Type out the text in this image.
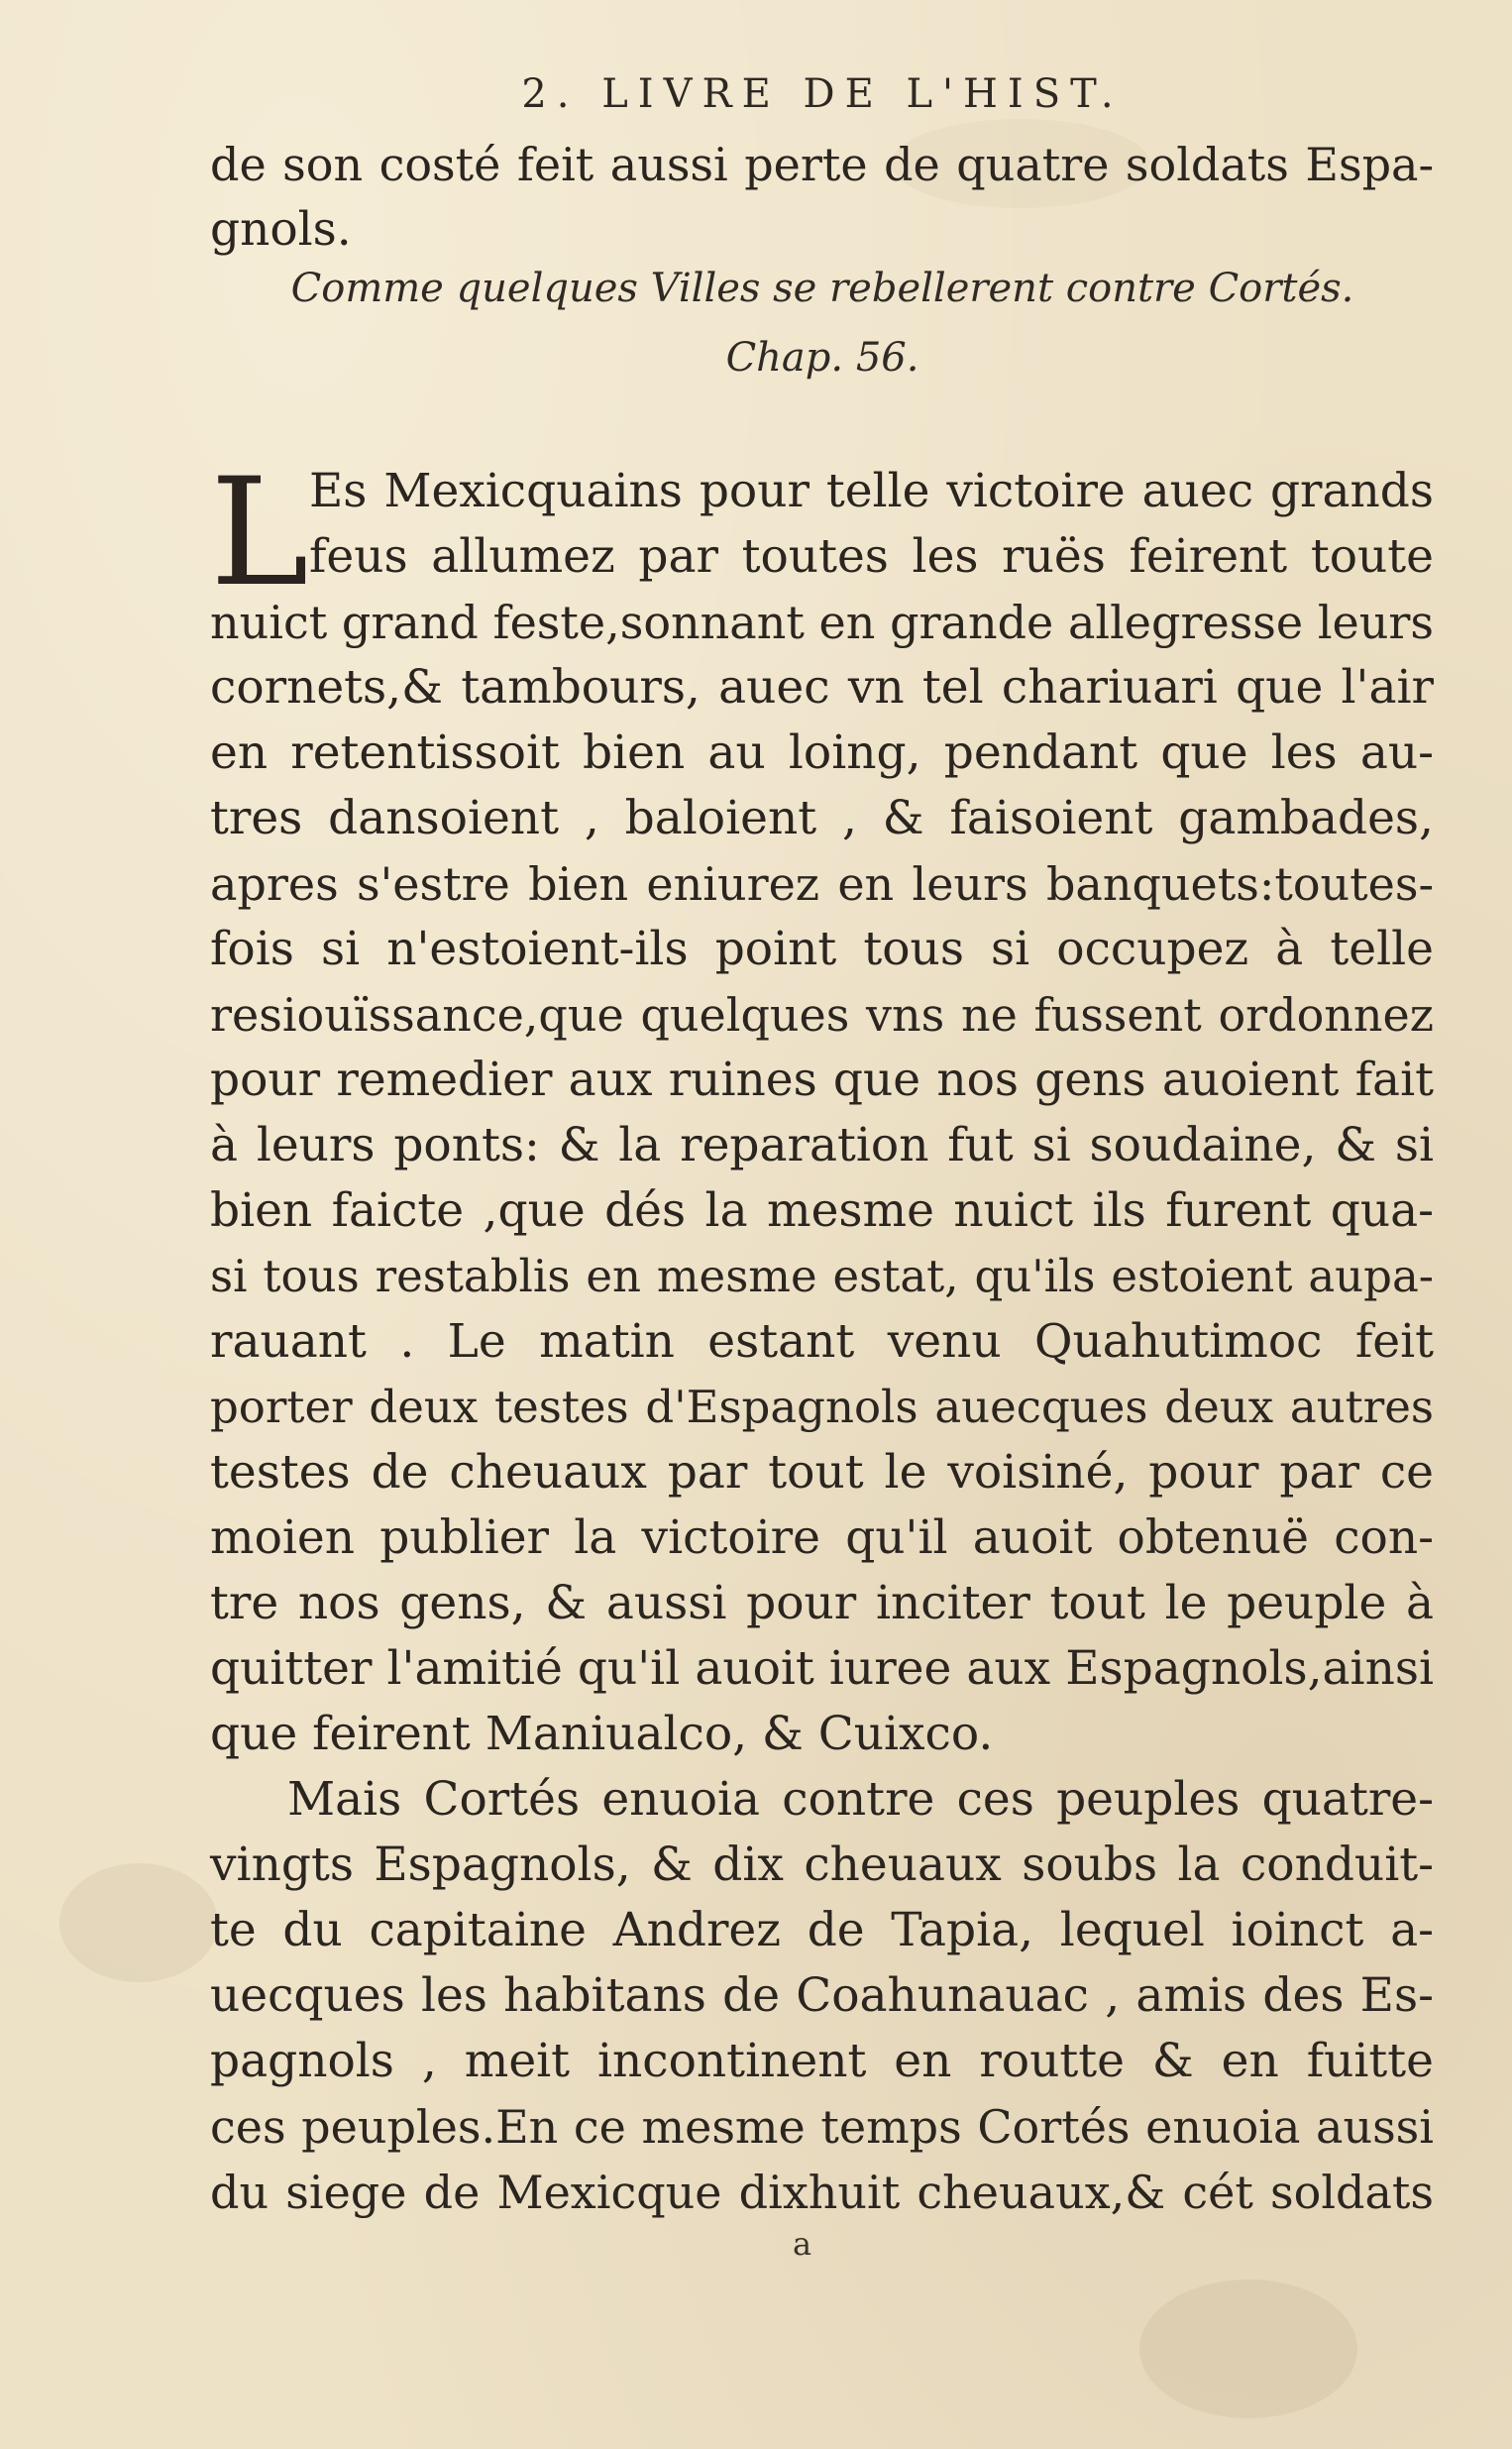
2. LIVRE DE L'HIST.
de son costé feit aussi perte de quatre soldats Espa-
gnols.
Comme quelques Villes se rebellerent contre Cortés.
Chap. 56.
L Es Mexicquains pour telle victoire auec grands
feus allumez par toutes les ruës feirent toute
nuict grand feste,sonnant en grande allegresse leurs
cornets,& tambours, auec vn tel chariuari que l'air
en retentissoit bien au loing, pendant que les au-
tres dansoient , baloient , & faisoient gambades,
apres s'estre bien eniurez en leurs banquets:toutes-
fois si n'estoient-ils point tous si occupez à telle
resiouïssance,que quelques vns ne fussent ordonnez
pour remedier aux ruines que nos gens auoient fait
à leurs ponts: & la reparation fut si soudaine, & si
bien faicte ,que dés la mesme nuict ils furent qua-
si tous restablis en mesme estat, qu'ils estoient aupa-
rauant . Le matin estant venu Quahutimoc feit
porter deux testes d'Espagnols auecques deux autres
testes de cheuaux par tout le voisiné, pour par ce
moien publier la victoire qu'il auoit obtenuë con-
tre nos gens, & aussi pour inciter tout le peuple à
quitter l'amitié qu'il auoit iuree aux Espagnols,ainsi
que feirent Maniualco, & Cuixco.
Mais Cortés enuoia contre ces peuples quatre-
vingts Espagnols, & dix cheuaux soubs la conduit-
te du capitaine Andrez de Tapia, lequel ioinct a-
uecques les habitans de Coahunauac , amis des Es-
pagnols , meit incontinent en routte & en fuitte
ces peuples.En ce mesme temps Cortés enuoia aussi
du siege de Mexicque dixhuit cheuaux,& cét soldats
a
